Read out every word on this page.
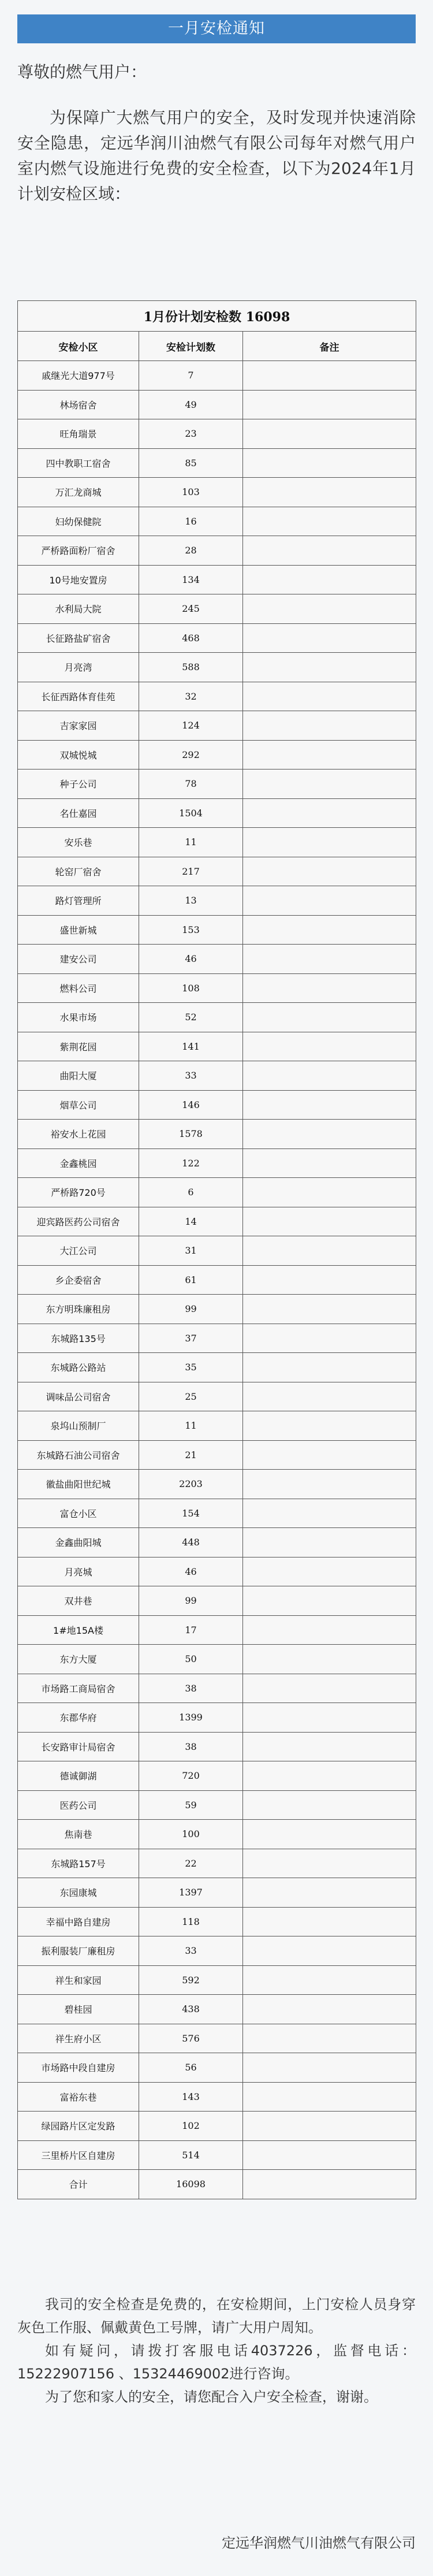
一月安检通知
尊敬的燃气用户：
为保障广大燃气用户的安全，及时发现并快速消除安全隐患，定远华润川油燃气有限公司每年对燃气用户室内燃气设施进行免费的安全检查，以下为2024年1月计划安检区域：
1月份计划安检数 16098		
安检小区	安检计划数	备注
戚继光大道977号	7	
林场宿舍	49	
旺角瑞景	23	
四中教职工宿舍	85	
万汇龙商城	103	
妇幼保健院	16	
严桥路面粉厂宿舍	28	
10号地安置房	134	
水利局大院	245	
长征路盐矿宿舍	468	
月亮湾	588	
长征西路体育佳苑	32	
吉家家园	124	
双城悦城	292	
种子公司	78	
名仕嘉园	1504	
安乐巷	11	
轮窑厂宿舍	217	
路灯管理所	13	
盛世新城	153	
建安公司	46	
燃料公司	108	
水果市场	52	
紫荆花园	141	
曲阳大厦	33	
烟草公司	146	
裕安水上花园	1578	
金鑫桃园	122	
严桥路720号	6	
迎宾路医药公司宿舍	14	
大江公司	31	
乡企委宿舍	61	
东方明珠廉租房	99	
东城路135号	37	
东城路公路站	35	
调味品公司宿舍	25	
泉坞山预制厂	11	
东城路石油公司宿舍	21	
徽盐曲阳世纪城	2203	
富仓小区	154	
金鑫曲阳城	448	
月亮城	46	
双井巷	99	
1#地15A楼	17	
东方大厦	50	
市场路工商局宿舍	38	
东郡华府	1399	
长安路审计局宿舍	38	
德诚御湖	720	
医药公司	59	
焦南巷	100	
东城路157号	22	
东园康城	1397	
幸福中路自建房	118	
振利服装厂廉租房	33	
祥生和家园	592	
碧桂园	438	
祥生府小区	576	
市场路中段自建房	56	
富裕东巷	143	
绿园路片区定发路	102	
三里桥片区自建房	514	
合计	16098	

我司的安全检查是免费的，在安检期间，上门安检人员身穿灰色工作服、佩戴黄色工号牌，请广大用户周知。

如有疑问，请拨打客服电话4037226，监督电话：15222907156 、15324469002进行咨询。

为了您和家人的安全，请您配合入户安全检查，谢谢。

定远华润燃气川油燃气有限公司
